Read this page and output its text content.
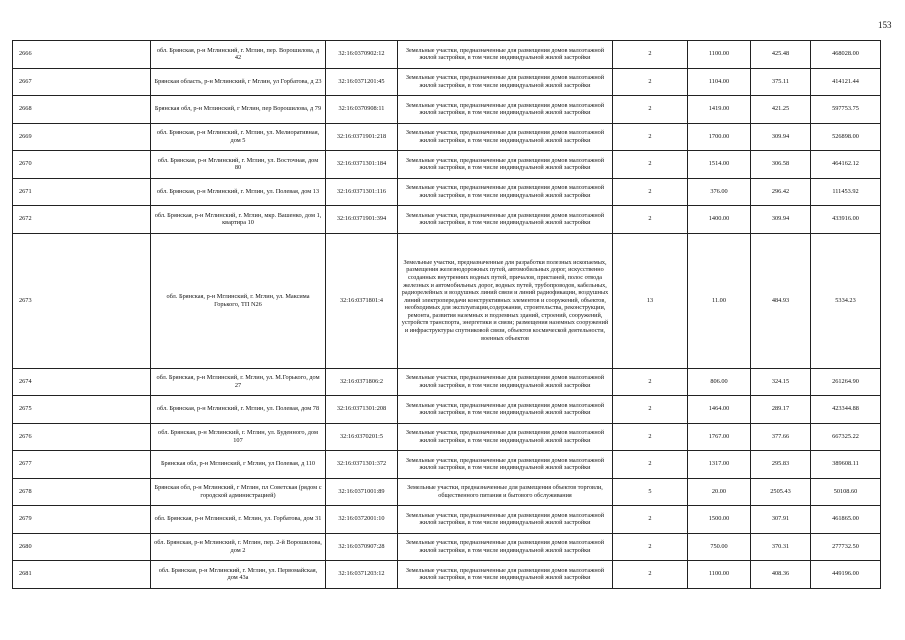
153
2666	обл. Брянская, р-н Мглинский, г. Мглин, пер. Ворошилова, д 42	32:16:0370902:12	Земельные участки, предназначенные для размещения домов малоэтажной жилой застройки, в том числе индивидуальной жилой застройки	2	1100.00	425.48	468028.00
2667	Брянская область, р-н Мглинский, г Мглин, ул Горбатова, д 23	32:16:0371201:45	Земельные участки, предназначенные для размещения домов малоэтажной жилой застройки, в том числе индивидуальной жилой застройки	2	1104.00	375.11	414121.44
2668	Брянская обл, р-н Мглинский, г Мглин, пер Ворошилова, д 79	32:16:0370908:11	Земельные участки, предназначенные для размещения домов малоэтажной жилой застройки, в том числе индивидуальной жилой застройки	2	1419.00	421.25	597753.75
2669	обл. Брянская, р-н Мглинский, г. Мглин, ул. Мелиоративная, дом 5	32:16:0371901:218	Земельные участки, предназначенные для размещения домов малоэтажной жилой застройки, в том числе индивидуальной жилой застройки	2	1700.00	309.94	526898.00
2670	обл. Брянская, р-н Мглинский, г. Мглин, ул. Восточная, дом 80	32:16:0371301:184	Земельные участки, предназначенные для размещения домов малоэтажной жилой застройки, в том числе индивидуальной жилой застройки	2	1514.00	306.58	464162.12
2671	обл. Брянская, р-н Мглинский, г. Мглин, ул. Полевая, дом 13	32:16:0371301:116	Земельные участки, предназначенные для размещения домов малоэтажной жилой застройки, в том числе индивидуальной жилой застройки	2	376.00	296.42	111453.92
2672	обл. Брянская, р-н Мглинский, г. Мглин, мкр. Вашенко, дом 1, квартира 10	32:16:0371901:394	Земельные участки, предназначенные для размещения домов малоэтажной жилой застройки, в том числе индивидуальной жилой застройки	2	1400.00	309.94	433916.00
2673	обл. Брянская, р-н Мглинский, г. Мглин, ул. Максима Горького, ТП N26	32:16:0371801:4	Земельные участки, предназначенные для разработки полезных ископаемых, размещения железнодорожных путей, автомобильных дорог, искусственно созданных внутренних водных путей, причалов, пристаней, полос отвода железных и автомобильных дорог, водных путей, трубопроводов, кабельных, радиорелейных и воздушных линий связи и линий радиофикации, воздушных линий электропередачи конструктивных элементов и сооружений, объектов, необходимых для эксплуатации,содержания, строительства, реконструкции, ремонта, развития наземных и подземных зданий, строений, сооружений, устройств транспорта, энергетики и связи; размещения наземных сооружений и инфраструктуры спутниковой связи, объектов космической деятельности, военных объектов	13	11.00	484.93	5334.23
2674	обл. Брянская, р-н Мглинский, г. Мглин, ул. М.Горького, дом 27	32:16:0371806:2	Земельные участки, предназначенные для размещения домов малоэтажной жилой застройки, в том числе индивидуальной жилой застройки	2	806.00	324.15	261264.90
2675	обл. Брянская, р-н Мглинский, г. Мглин, ул. Полевая, дом 78	32:16:0371301:208	Земельные участки, предназначенные для размещения домов малоэтажной жилой застройки, в том числе индивидуальной жилой застройки	2	1464.00	289.17	423344.88
2676	обл. Брянская, р-н Мглинский, г. Мглин, ул. Буденного, дом 107	32:16:0370201:5	Земельные участки, предназначенные для размещения домов малоэтажной жилой застройки, в том числе индивидуальной жилой застройки	2	1767.00	377.66	667325.22
2677	Брянская обл, р-н Мглинский, г Мглин, ул Полевая, д 110	32:16:0371301:372	Земельные участки, предназначенные для размещения домов малоэтажной жилой застройки, в том числе индивидуальной жилой застройки	2	1317.00	295.83	389608.11
2678	Брянская обл, р-н Мглинский, г Мглин, пл Советская (рядом с городской администрацией)	32:16:0371001:89	Земельные участки, предназначенные для размещения объектов торговли, общественного питания и бытового обслуживания	5	20.00	2505.43	50108.60
2679	обл. Брянская, р-н Мглинский, г. Мглин, ул. Горбатова, дом 31	32:16:0372001:10	Земельные участки, предназначенные для размещения домов малоэтажной жилой застройки, в том числе индивидуальной жилой застройки	2	1500.00	307.91	461865.00
2680	обл. Брянская, р-н Мглинский, г. Мглин, пер. 2-й Ворошилова, дом 2	32:16:0370907:28	Земельные участки, предназначенные для размещения домов малоэтажной жилой застройки, в том числе индивидуальной жилой застройки	2	750.00	370.31	277732.50
2681	обл. Брянская, р-н Мглинский, г. Мглин, ул. Первомайская, дом 43а	32:16:0371203:12	Земельные участки, предназначенные для размещения домов малоэтажной жилой застройки, в том числе индивидуальной жилой застройки	2	1100.00	408.36	449196.00
